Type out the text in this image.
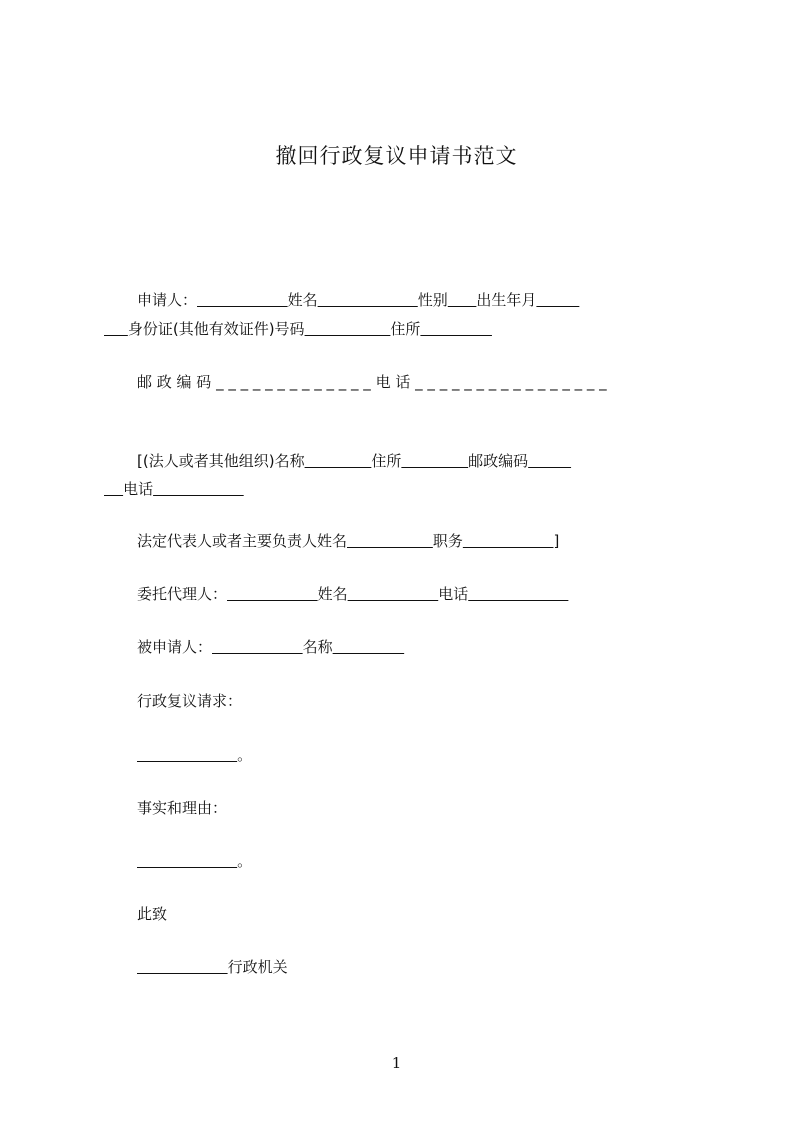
撤回行政复议申请书范文
申请人：	姓名	性别 出生年月
身份证(其他有效证件)号码	住所
邮 政 编 码 _ _ _ _ _ _ _ _ _ _ _ _ _ 电 话 _ _ _ _ _ _ _ _ _ _ _ _ _ _ _ _
[(法人或者其他组织)名称	住所	邮政编码
电话
法定代表人或者主要负责人姓名	职务	]
委托代理人：	姓名	电话
被申请人：	名称
行政复议请求：
。
事实和理由：
。
此致
行政机关
1
